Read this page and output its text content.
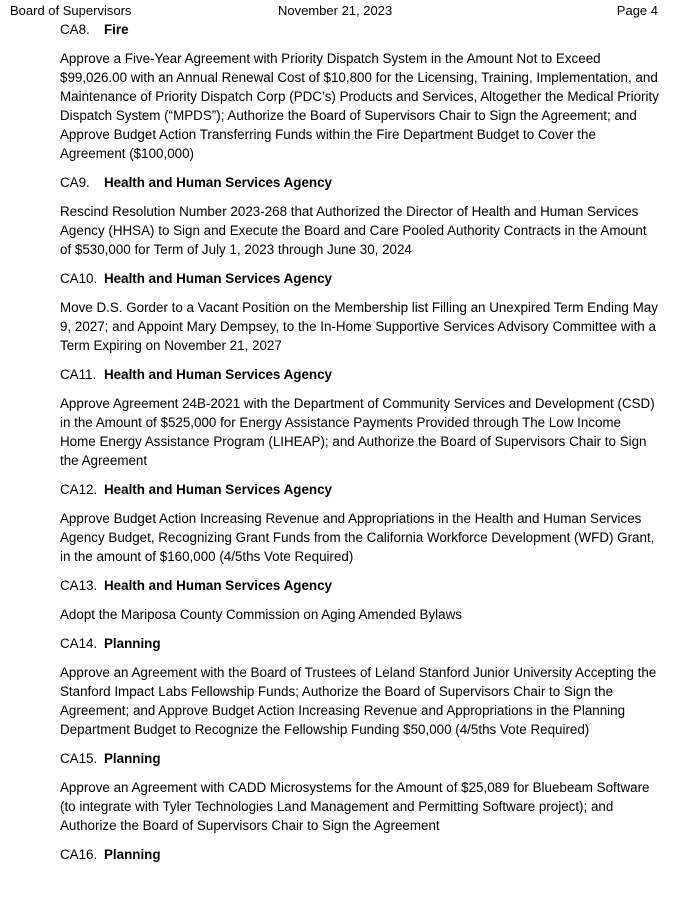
Board of Supervisors	November 21, 2023	Page 4
CA8. Fire
Approve a Five-Year Agreement with Priority Dispatch System in the Amount Not to Exceed $99,026.00 with an Annual Renewal Cost of $10,800 for the Licensing, Training, Implementation, and Maintenance of Priority Dispatch Corp (PDC’s) Products and Services, Altogether the Medical Priority Dispatch System (“MPDS”); Authorize the Board of Supervisors Chair to Sign the Agreement; and Approve Budget Action Transferring Funds within the Fire Department Budget to Cover the Agreement ($100,000)
CA9. Health and Human Services Agency
Rescind Resolution Number 2023-268 that Authorized the Director of Health and Human Services Agency (HHSA) to Sign and Execute the Board and Care Pooled Authority Contracts in the Amount of $530,000 for Term of July 1, 2023 through June 30, 2024
CA10. Health and Human Services Agency
Move D.S. Gorder to a Vacant Position on the Membership list Filling an Unexpired Term Ending May 9, 2027; and Appoint Mary Dempsey, to the In-Home Supportive Services Advisory Committee with a Term Expiring on November 21, 2027
CA11. Health and Human Services Agency
Approve Agreement 24B-2021 with the Department of Community Services and Development (CSD) in the Amount of $525,000 for Energy Assistance Payments Provided through The Low Income Home Energy Assistance Program (LIHEAP); and Authorize the Board of Supervisors Chair to Sign the Agreement
CA12. Health and Human Services Agency
Approve Budget Action Increasing Revenue and Appropriations in the Health and Human Services Agency Budget, Recognizing Grant Funds from the California Workforce Development (WFD) Grant, in the amount of $160,000 (4/5ths Vote Required)
CA13. Health and Human Services Agency
Adopt the Mariposa County Commission on Aging Amended Bylaws
CA14. Planning
Approve an Agreement with the Board of Trustees of Leland Stanford Junior University Accepting the Stanford Impact Labs Fellowship Funds; Authorize the Board of Supervisors Chair to Sign the Agreement; and Approve Budget Action Increasing Revenue and Appropriations in the Planning Department Budget to Recognize the Fellowship Funding $50,000 (4/5ths Vote Required)
CA15. Planning
Approve an Agreement with CADD Microsystems for the Amount of $25,089 for Bluebeam Software (to integrate with Tyler Technologies Land Management and Permitting Software project); and Authorize the Board of Supervisors Chair to Sign the Agreement
CA16. Planning
